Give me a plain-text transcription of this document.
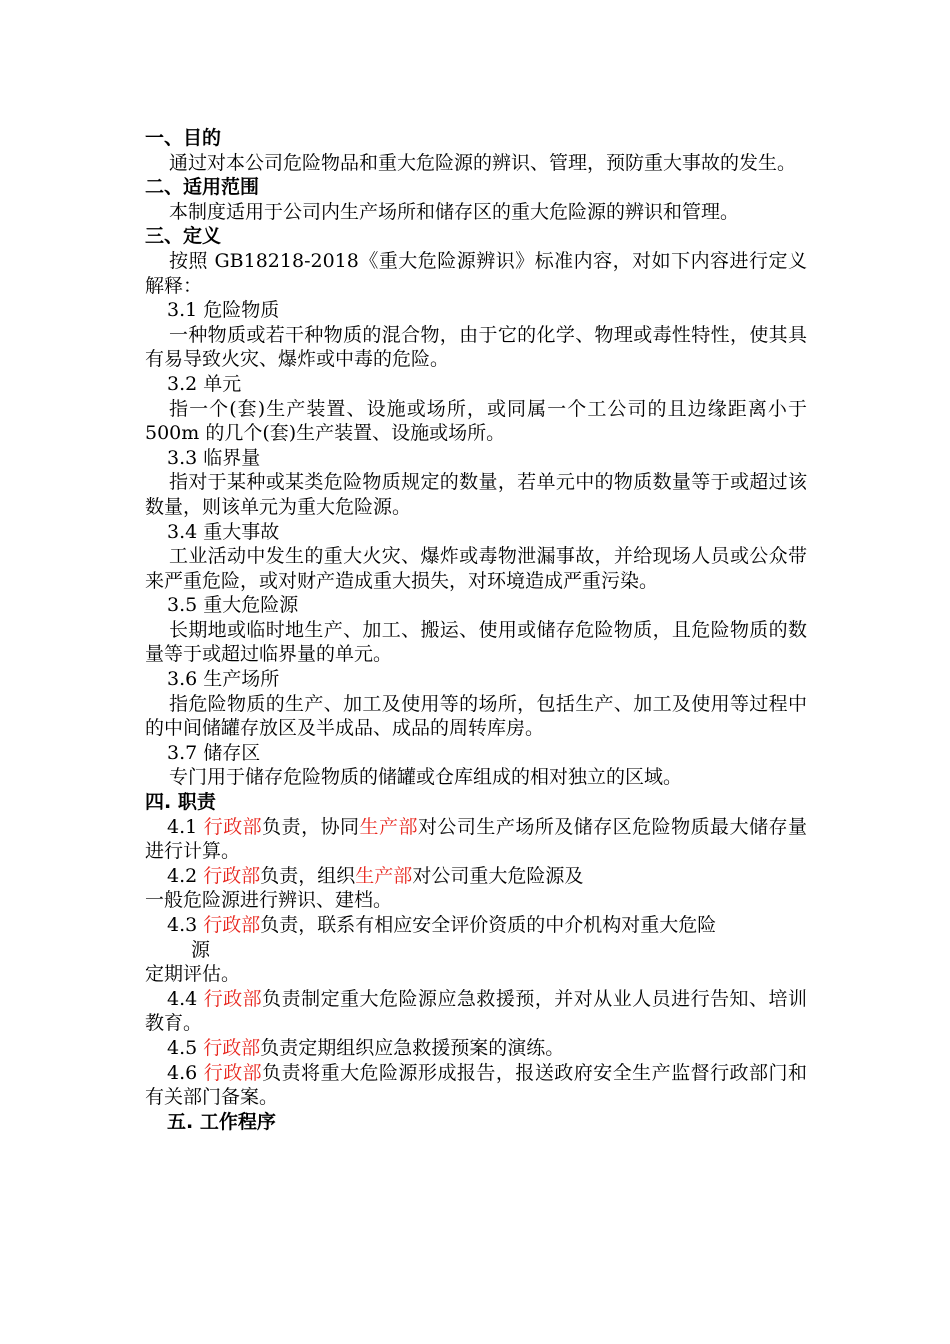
一、目的
通过对本公司危险物品和重大危险源的辨识、管理，预防重大事故的发生。
二、适用范围
本制度适用于公司内生产场所和储存区的重大危险源的辨识和管理。
三、定义
按照 GB18218-2018《重大危险源辨识》标准内容，对如下内容进行定义解释：
3.1 危险物质
一种物质或若干种物质的混合物，由于它的化学、物理或毒性特性，使其具有易导致火灾、爆炸或中毒的危险。
3.2 单元
指一个(套)生产装置、设施或场所，或同属一个工公司的且边缘距离小于 500m 的几个(套)生产装置、设施或场所。
3.3 临界量
指对于某种或某类危险物质规定的数量，若单元中的物质数量等于或超过该数量，则该单元为重大危险源。
3.4 重大事故
工业活动中发生的重大火灾、爆炸或毒物泄漏事故，并给现场人员或公众带来严重危险，或对财产造成重大损失，对环境造成严重污染。
3.5 重大危险源
长期地或临时地生产、加工、搬运、使用或储存危险物质，且危险物质的数量等于或超过临界量的单元。
3.6 生产场所
指危险物质的生产、加工及使用等的场所，包括生产、加工及使用等过程中的中间储罐存放区及半成品、成品的周转库房。
3.7 储存区
专门用于储存危险物质的储罐或仓库组成的相对独立的区域。
四. 职责
4.1 行政部负责，协同生产部对公司生产场所及储存区危险物质最大储存量进行计算。
4.2 行政部负责，组织生产部对公司重大危险源及
一般危险源进行辨识、建档。
4.3 行政部负责，联系有相应安全评价资质的中介机构对重大危险
源
定期评估。
4.4 行政部负责制定重大危险源应急救援预，并对从业人员进行告知、培训教育。
4.5 行政部负责定期组织应急救援预案的演练。
4.6 行政部负责将重大危险源形成报告，报送政府安全生产监督行政部门和有关部门备案。
五. 工作程序
